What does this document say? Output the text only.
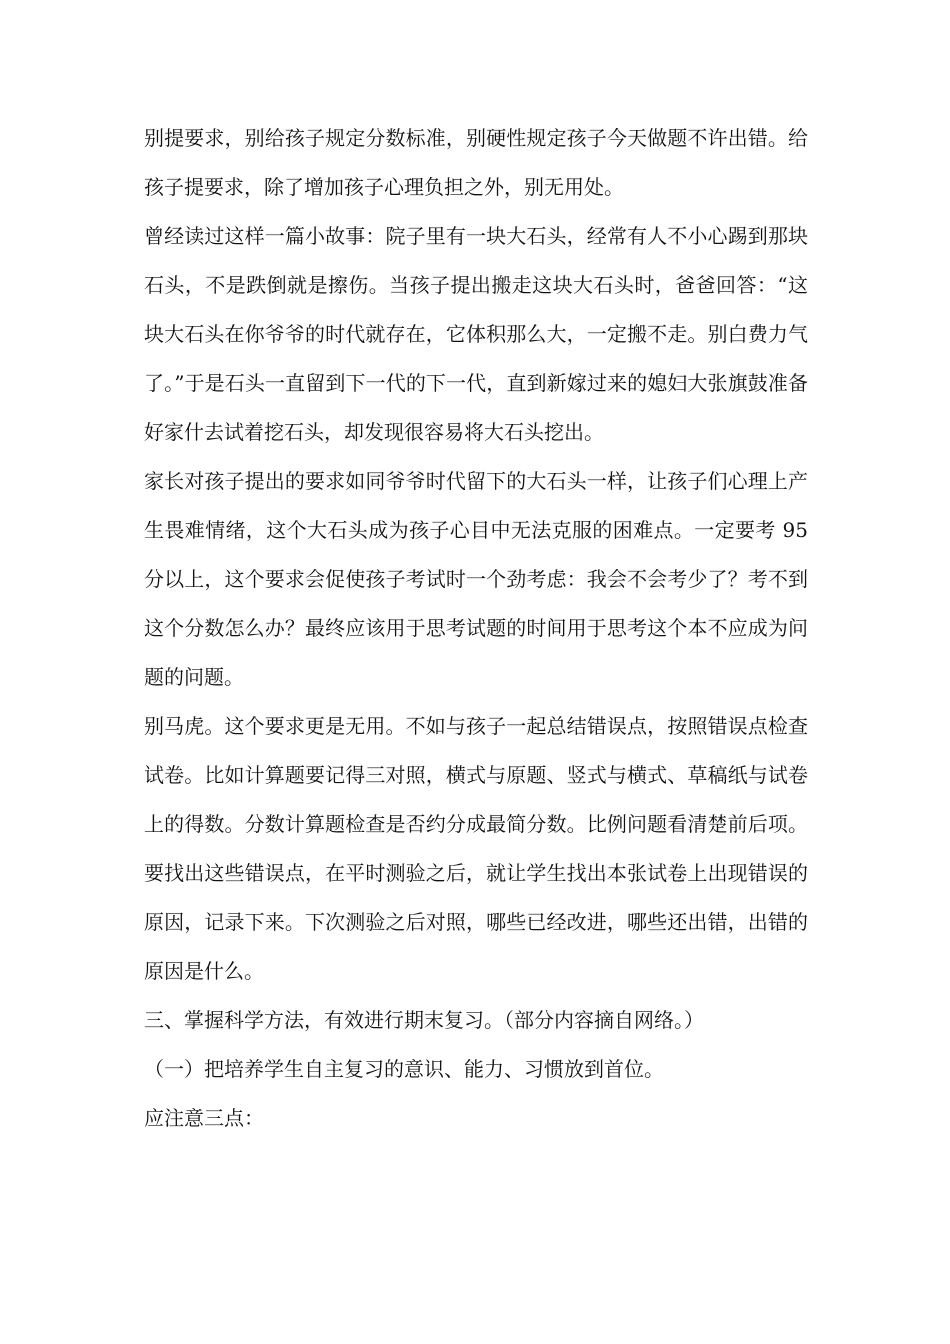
别提要求，别给孩子规定分数标准，别硬性规定孩子今天做题不许出错。给孩子提要求，除了增加孩子心理负担之外，别无用处。

曾经读过这样一篇小故事：院子里有一块大石头，经常有人不小心踢到那块石头，不是跌倒就是擦伤。当孩子提出搬走这块大石头时，爸爸回答：“这块大石头在你爷爷的时代就存在，它体积那么大，一定搬不走。别白费力气了。”于是石头一直留到下一代的下一代，直到新嫁过来的媳妇大张旗鼓准备好家什去试着挖石头，却发现很容易将大石头挖出。

家长对孩子提出的要求如同爷爷时代留下的大石头一样，让孩子们心理上产生畏难情绪，这个大石头成为孩子心目中无法克服的困难点。一定要考 95 分以上，这个要求会促使孩子考试时一个劲考虑：我会不会考少了？考不到这个分数怎么办？最终应该用于思考试题的时间用于思考这个本不应成为问题的问题。

别马虎。这个要求更是无用。不如与孩子一起总结错误点，按照错误点检查试卷。比如计算题要记得三对照，横式与原题、竖式与横式、草稿纸与试卷上的得数。分数计算题检查是否约分成最简分数。比例问题看清楚前后项。要找出这些错误点，在平时测验之后，就让学生找出本张试卷上出现错误的原因，记录下来。下次测验之后对照，哪些已经改进，哪些还出错，出错的原因是什么。

三、掌握科学方法，有效进行期末复习。（部分内容摘自网络。）

（一）把培养学生自主复习的意识、能力、习惯放到首位。

应注意三点：
